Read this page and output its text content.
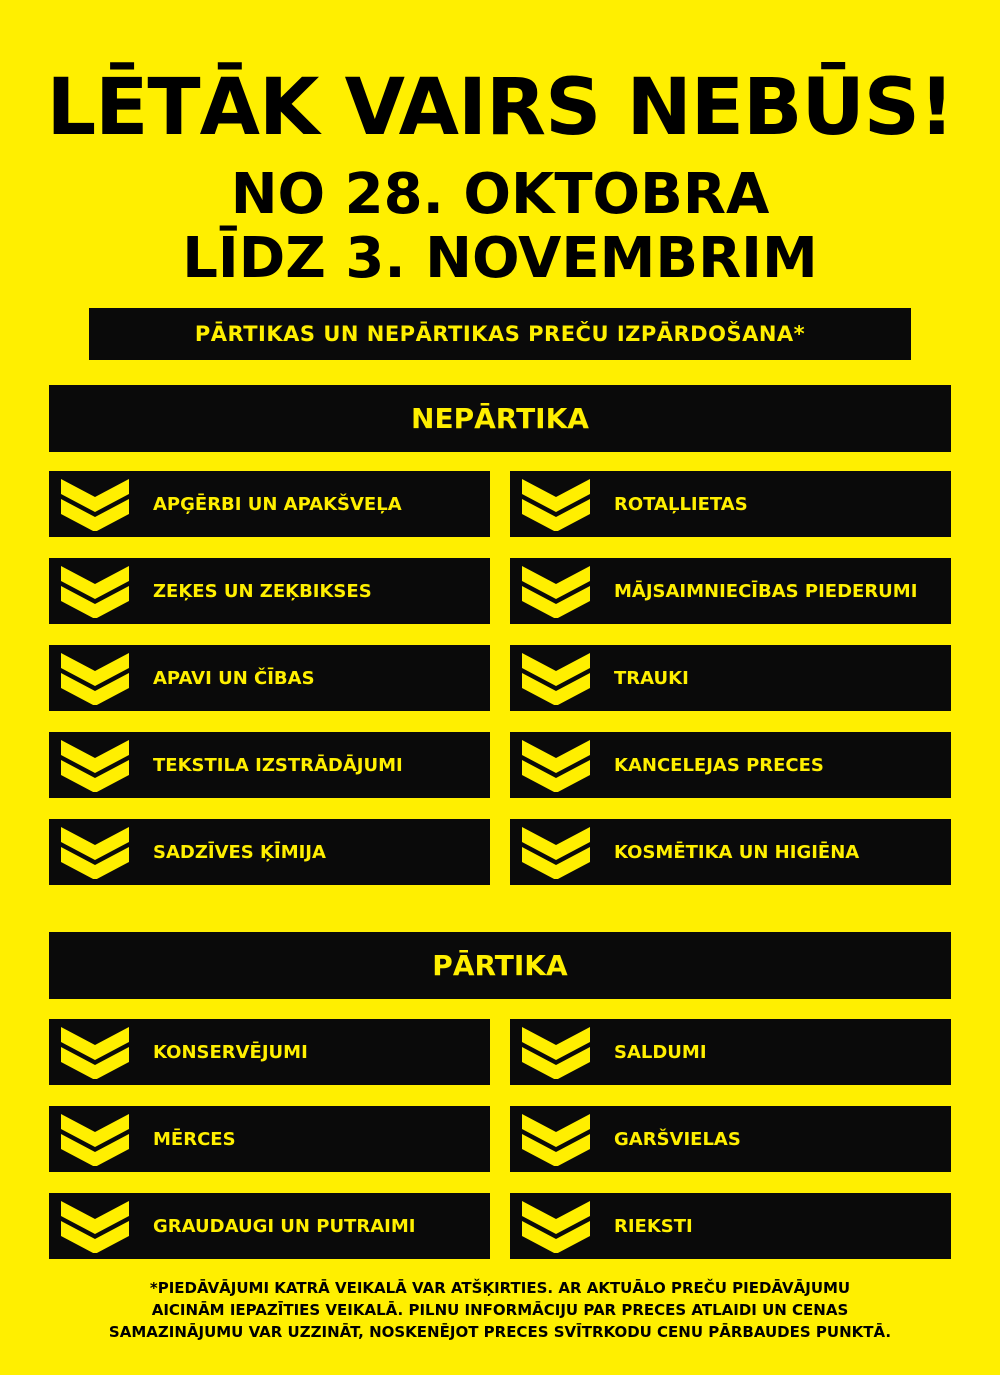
LĒTĀK VAIRS NEBŪS!
NO 28. OKTOBRA
LĪDZ 3. NOVEMBRIM
PĀRTIKAS UN NEPĀRTIKAS PREČU IZPĀRDOŠANA*
NEPĀRTIKA
APĢĒRBI UN APAKŠVEĻA	ROTAĻLIETAS
ZEĶES UN ZEĶBIKSES	MĀJSAIMNIECĪBAS PIEDERUMI
APAVI UN ČĪBAS	TRAUKI
TEKSTILA IZSTRĀDĀJUMI	KANCELEJAS PRECES
SADZĪVES ĶĪMIJA	KOSMĒTIKA UN HIGIĒNA
PĀRTIKA
KONSERVĒJUMI	SALDUMI
MĒRCES	GARŠVIELAS
GRAUDAUGI UN PUTRAIMI	RIEKSTI
*PIEDĀVĀJUMI KATRĀ VEIKALĀ VAR ATŠĶIRTIES. AR AKTUĀLO PREČU PIEDĀVĀJUMU
AICINĀM IEPAZĪTIES VEIKALĀ. PILNU INFORMĀCIJU PAR PRECES ATLAIDI UN CENAS
SAMAZINĀJUMU VAR UZZINĀT, NOSKENĒJOT PRECES SVĪTRKODU CENU PĀRBAUDES PUNKTĀ.
